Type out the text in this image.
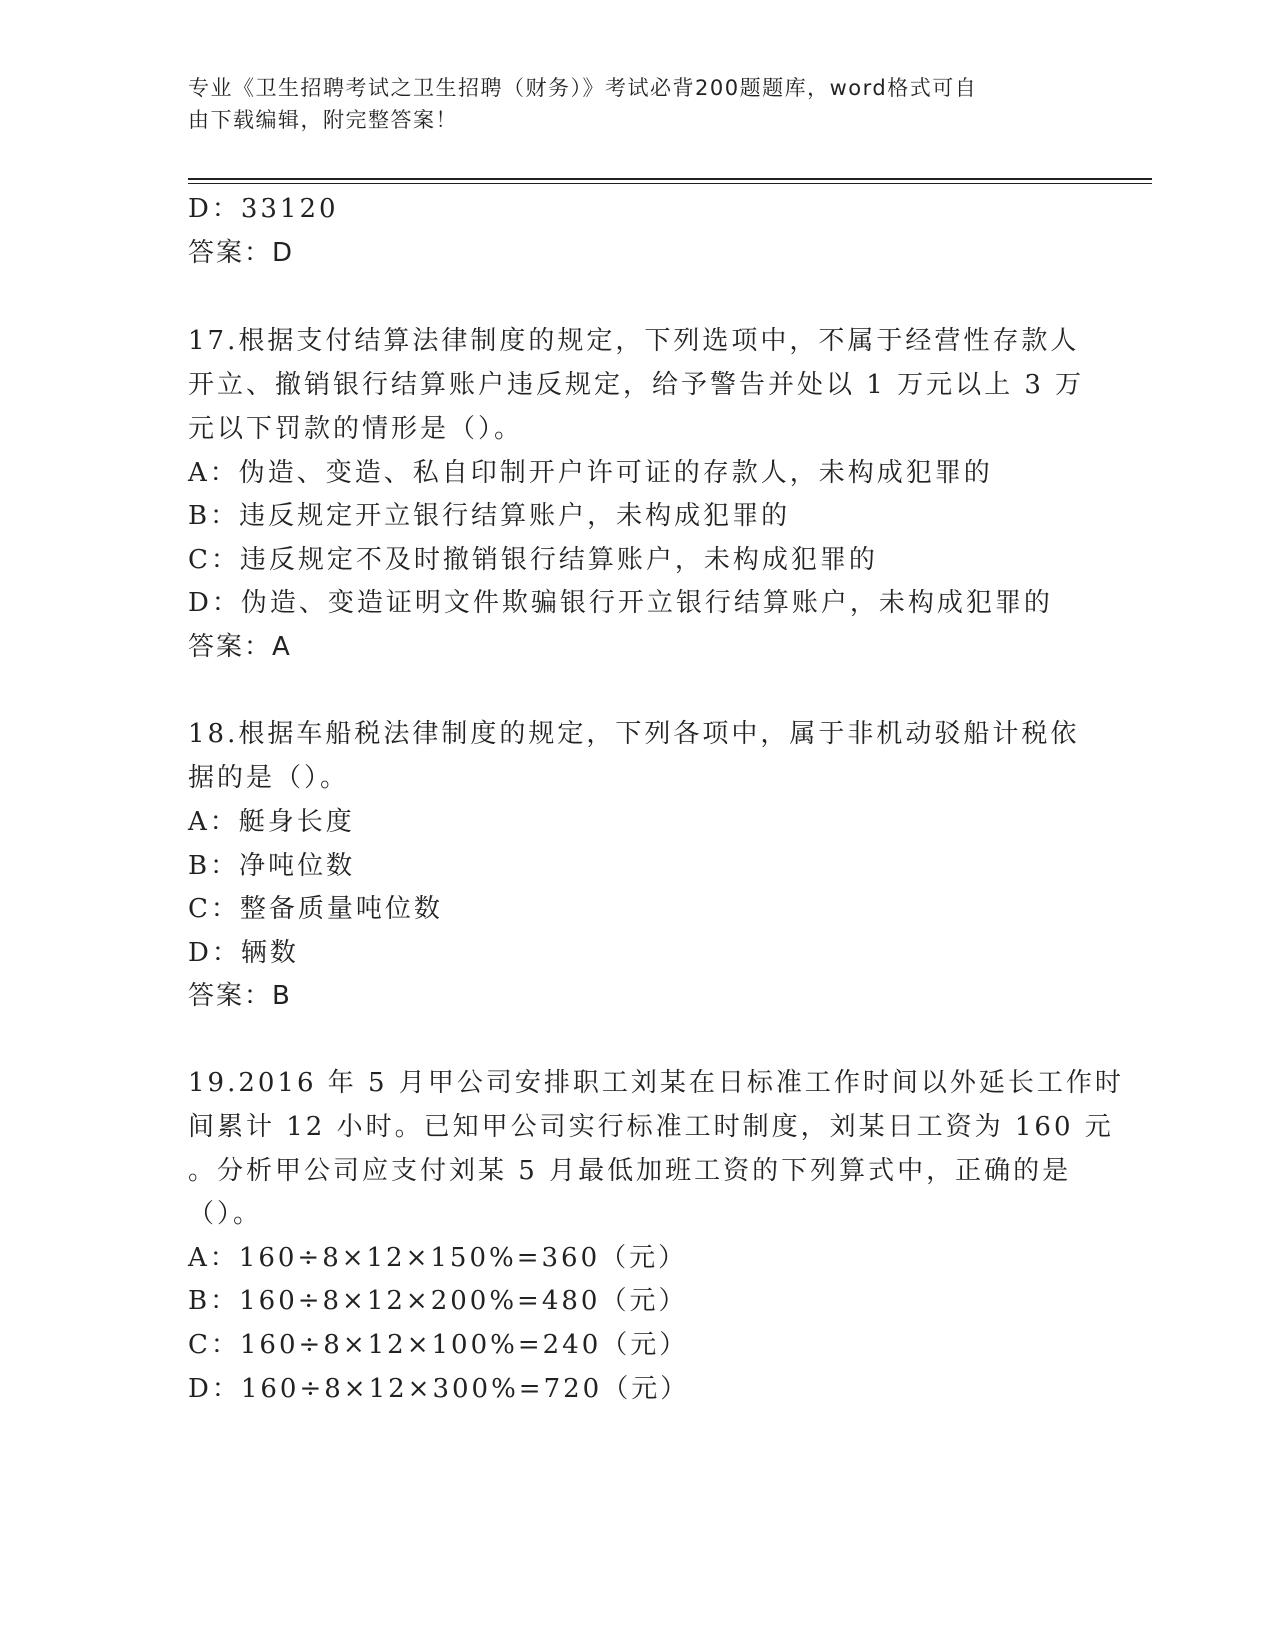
专业《卫生招聘考试之卫生招聘（财务）》考试必背200题题库，word格式可自
由下载编辑，附完整答案！
D：33120
答案：D
17.根据支付结算法律制度的规定，下列选项中，不属于经营性存款人
开立、撤销银行结算账户违反规定，给予警告并处以 1 万元以上 3 万
元以下罚款的情形是（）。
A：伪造、变造、私自印制开户许可证的存款人，未构成犯罪的
B：违反规定开立银行结算账户，未构成犯罪的
C：违反规定不及时撤销银行结算账户，未构成犯罪的
D：伪造、变造证明文件欺骗银行开立银行结算账户，未构成犯罪的
答案：A
18.根据车船税法律制度的规定，下列各项中，属于非机动驳船计税依
据的是（）。
A：艇身长度
B：净吨位数
C：整备质量吨位数
D：辆数
答案：B
19.2016 年 5 月甲公司安排职工刘某在日标准工作时间以外延长工作时
间累计 12 小时。已知甲公司实行标准工时制度，刘某日工资为 160 元
。分析甲公司应支付刘某 5 月最低加班工资的下列算式中，正确的是
（）。
A：160÷8×12×150%=360（元）
B：160÷8×12×200%=480（元）
C：160÷8×12×100%=240（元）
D：160÷8×12×300%=720（元）
